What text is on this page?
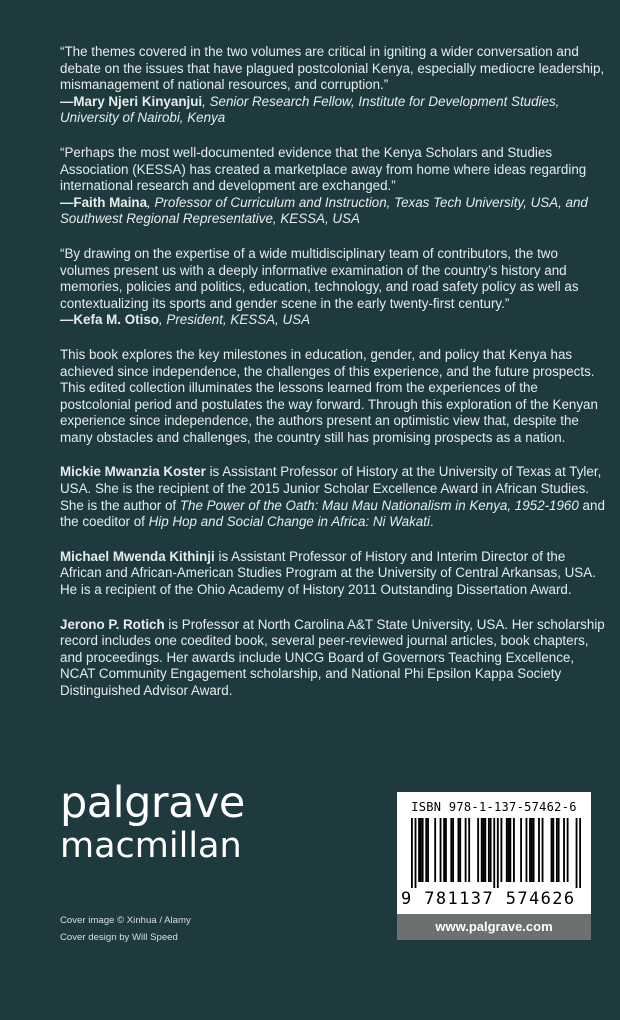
“The themes covered in the two volumes are critical in igniting a wider conversation and debate on the issues that have plagued postcolonial Kenya, especially mediocre leadership, mismanagement of national resources, and corruption.”

—Mary Njeri Kinyanjui, Senior Research Fellow, Institute for Development Studies, University of Nairobi, Kenya

“Perhaps the most well-documented evidence that the Kenya Scholars and Studies Association (KESSA) has created a marketplace away from home where ideas regarding international research and development are exchanged.”

—Faith Maina, Professor of Curriculum and Instruction, Texas Tech University, USA, and Southwest Regional Representative, KESSA, USA

“By drawing on the expertise of a wide multidisciplinary team of contributors, the two volumes present us with a deeply informative examination of the country’s history and memories, policies and politics, education, technology, and road safety policy as well as contextualizing its sports and gender scene in the early twenty-first century.”

—Kefa M. Otiso, President, KESSA, USA

This book explores the key milestones in education, gender, and policy that Kenya has achieved since independence, the challenges of this experience, and the future prospects. This edited collection illuminates the lessons learned from the experiences of the postcolonial period and postulates the way forward. Through this exploration of the Kenyan experience since independence, the authors present an optimistic view that, despite the many obstacles and challenges, the country still has promising prospects as a nation.

Mickie Mwanzia Koster is Assistant Professor of History at the University of Texas at Tyler, USA. She is the recipient of the 2015 Junior Scholar Excellence Award in African Studies. She is the author of The Power of the Oath: Mau Mau Nationalism in Kenya, 1952-1960 and the coeditor of Hip Hop and Social Change in Africa: Ni Wakati.

Michael Mwenda Kithinji is Assistant Professor of History and Interim Director of the African and African-American Studies Program at the University of Central Arkansas, USA. He is a recipient of the Ohio Academy of History 2011 Outstanding Dissertation Award.

Jerono P. Rotich is Professor at North Carolina A&T State University, USA. Her scholarship record includes one coedited book, several peer-reviewed journal articles, book chapters, and proceedings. Her awards include UNCG Board of Governors Teaching Excellence, NCAT Community Engagement scholarship, and National Phi Epsilon Kappa Society Distinguished Advisor Award.

palgrave
macmillan
Cover image © Xinhua / Alamy
Cover design by Will Speed
ISBN 978-1-137-57462-6
9 781137 574626
www.palgrave.com
